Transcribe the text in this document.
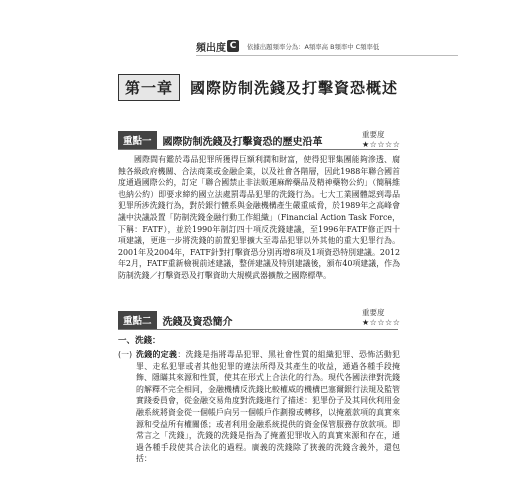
頻出度 C	依據出題頻率分為：A頻率高 B頻率中 C頻率低
第一章	國際防制洗錢及打擊資恐概述
重點一	國際防制洗錢及打擊資恐的歷史沿革
重要度
★☆☆☆☆
國際間有鑑於毒品犯罪所獲得巨額利潤和財富，使得犯罪集團能夠滲透、腐蝕各級政府機關、合法商業或金融企業，以及社會各階層，因此1988年聯合國首度通過國際公約，訂定「聯合國禁止非法販運麻醉藥品及精神藥物公約」（簡稱維也納公約）即要求締約國立法處罰毒品犯罪的洗錢行為。七大工業國體認到毒品犯罪所涉洗錢行為，對於銀行體系與金融機構產生嚴重威脅，於1989年之高峰會議中決議設置「防制洗錢金融行動工作組織」（Financial Action Task Force，下稱：FATF），並於1990年制訂四十項反洗錢建議，至1996年FATF修正四十項建議，更進一步將洗錢的前置犯罪擴大至毒品犯罪以外其他的重大犯罪行為。2001年及2004年，FATF針對打擊資恐分別再增8項及1項資恐特別建議。2012年2月，FATF重新檢視前述建議，整併建議及特別建議後，頒布40項建議，作為防制洗錢／打擊資恐及打擊資助大規模武器擴散之國際標準。
重點二	洗錢及資恐簡介
重要度
★☆☆☆☆
一、洗錢：
(一) 洗錢的定義：洗錢是指將毒品犯罪、黑社會性質的組織犯罪、恐怖活動犯罪、走私犯罪或者其他犯罪的違法所得及其產生的收益，通過各種手段掩飾、隱瞞其來源和性質，使其在形式上合法化的行為。現代各國法律對洗錢的解釋不完全相同，金融機構反洗錢比較權威的機構巴塞爾銀行法規及監管實踐委員會，從金融交易角度對洗錢進行了描述：犯罪份子及其同伙利用金融系統將資金從一個帳戶向另一個帳戶作劃撥或轉移，以掩蓋款項的真實來源和受益所有權關係；或者利用金融系統提供的資金保管服務存放款項。即常言之「洗錢」，洗錢的洗錢是指為了掩蓋犯罪收入的真實來源和存在，通過各種手段使其合法化的過程。廣義的洗錢除了狹義的洗錢含義外，還包括：
